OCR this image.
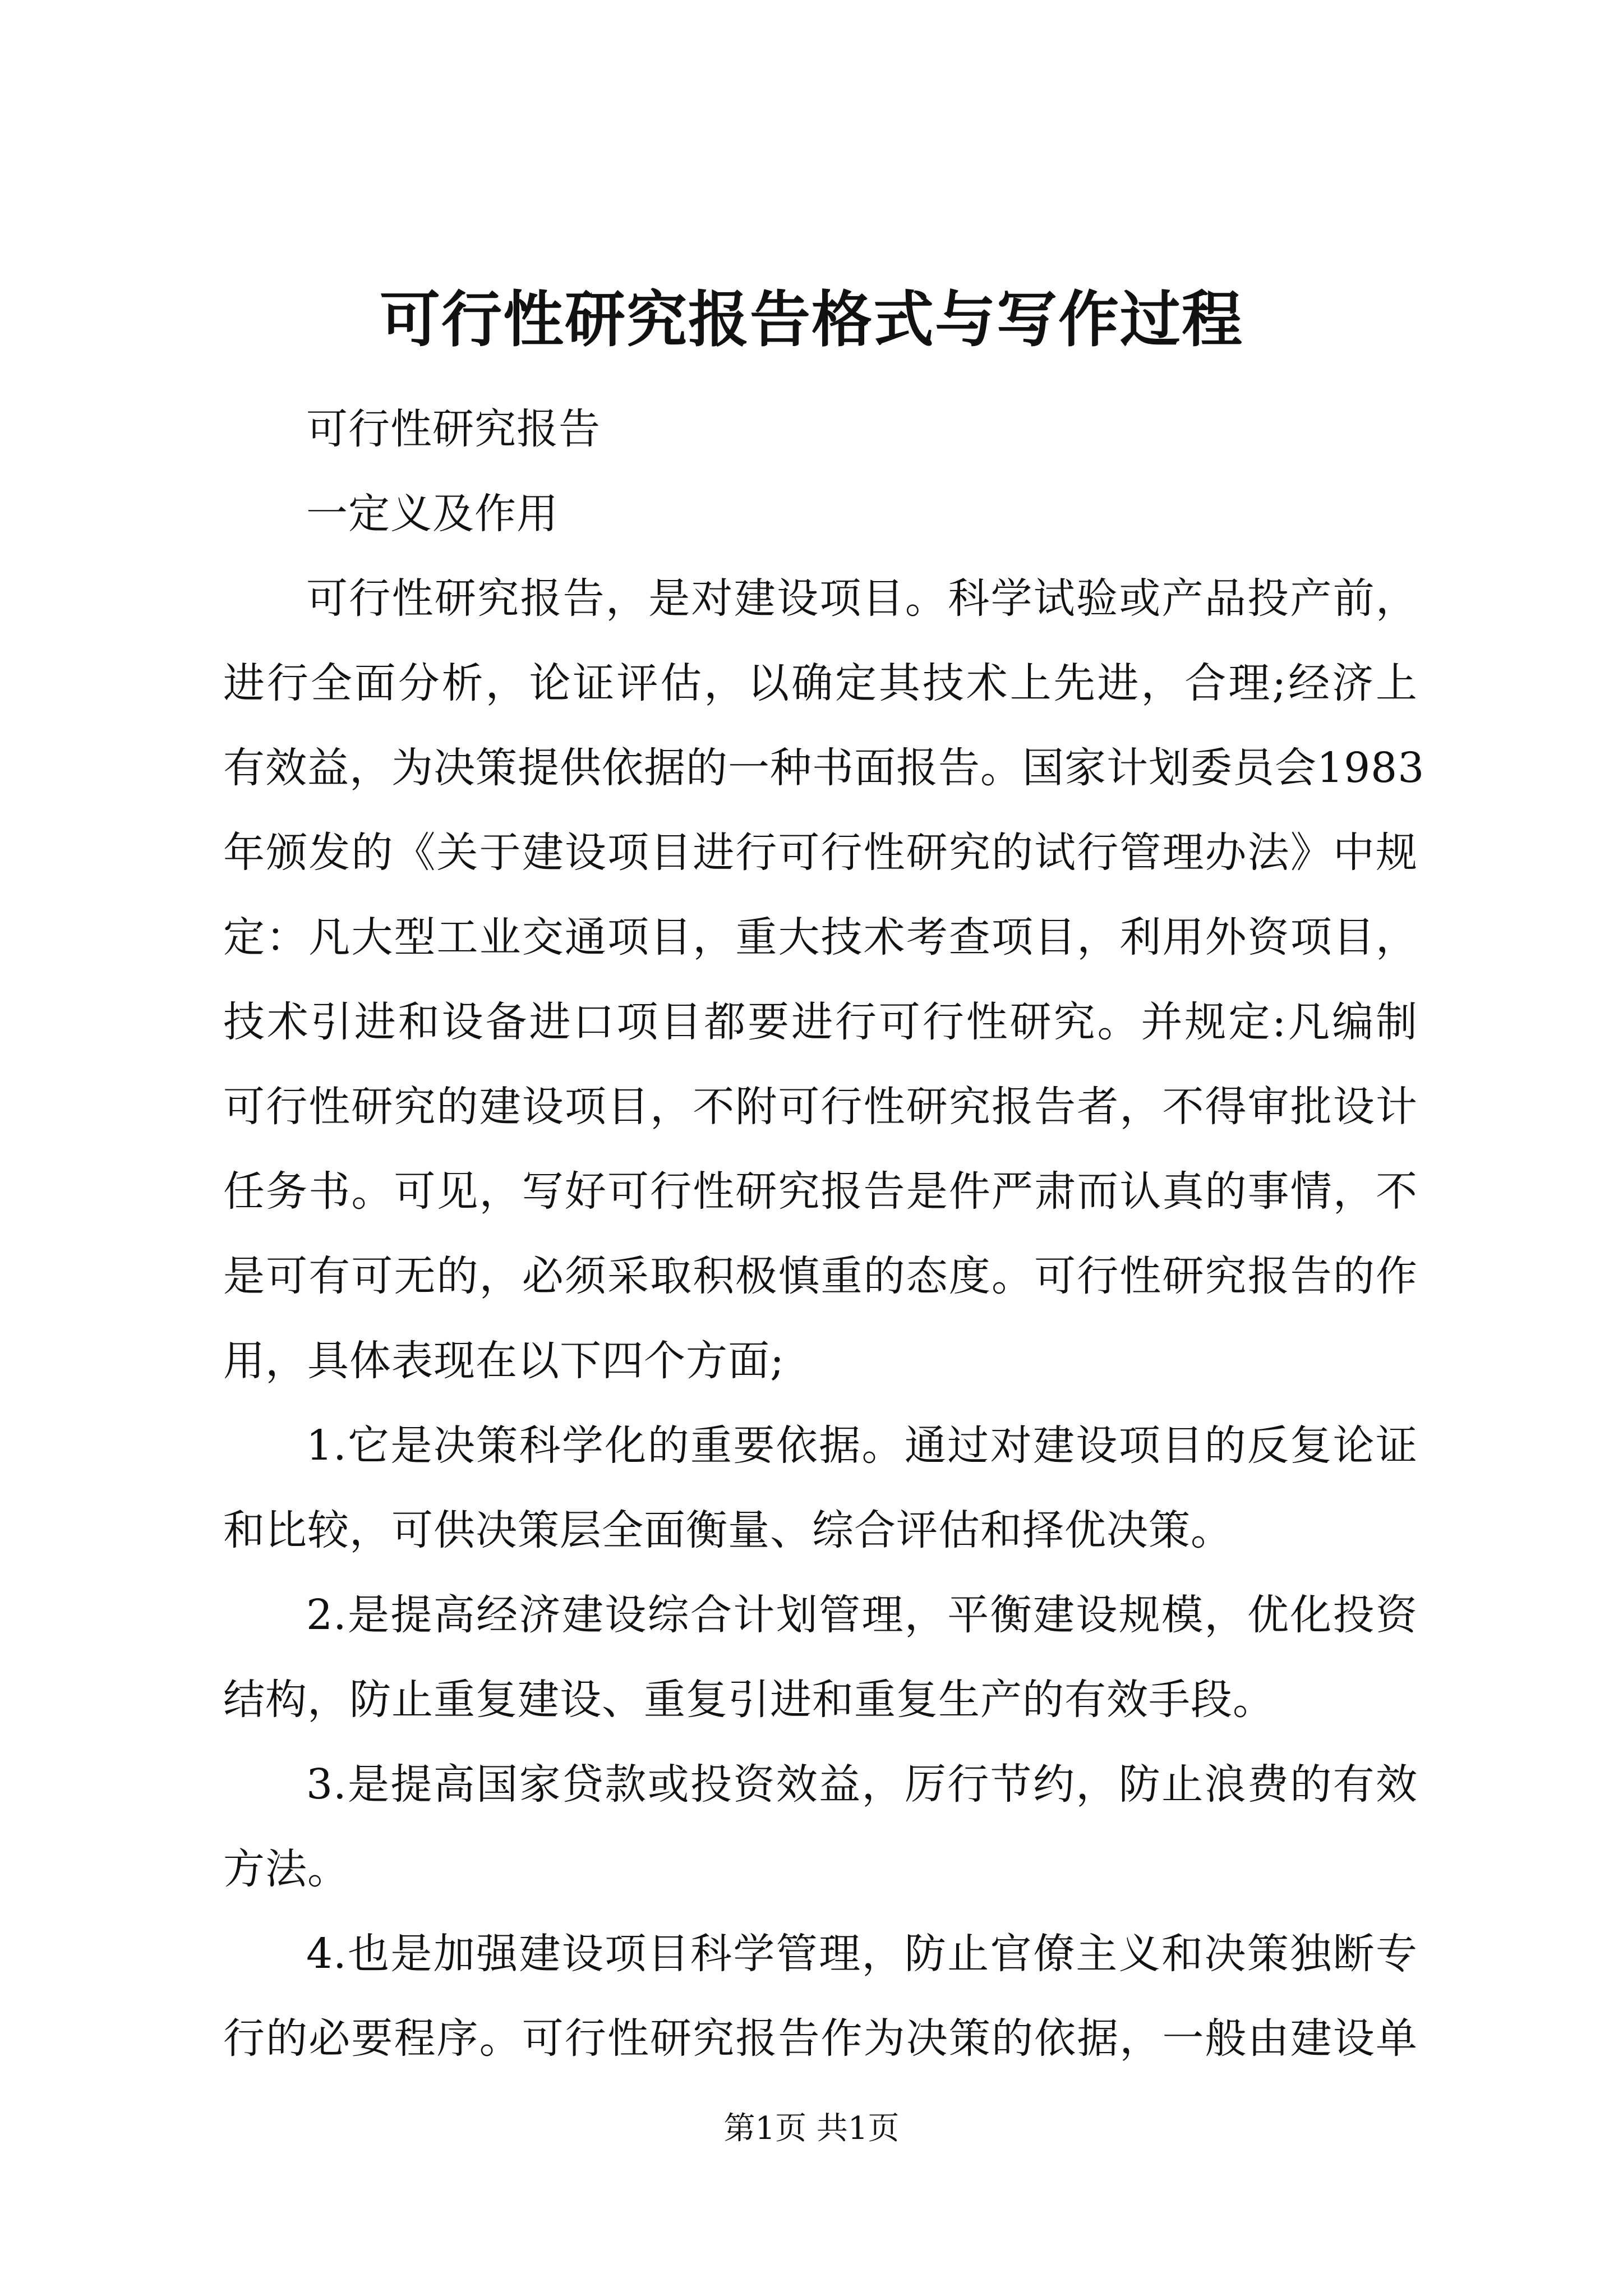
可行性研究报告格式与写作过程
可行性研究报告
一定义及作用
可行性研究报告，是对建设项目。科学试验或产品投产前，
进行全面分析，论证评估，以确定其技术上先进，合理;经济上
有效益，为决策提供依据的一种书面报告。国家计划委员会1983
年颁发的《关于建设项目进行可行性研究的试行管理办法》中规
定：凡大型工业交通项目，重大技术考查项目，利用外资项目，
技术引进和设备进口项目都要进行可行性研究。并规定:凡编制
可行性研究的建设项目，不附可行性研究报告者，不得审批设计
任务书。可见，写好可行性研究报告是件严肃而认真的事情，不
是可有可无的，必须采取积极慎重的态度。可行性研究报告的作
用，具体表现在以下四个方面;
1.它是决策科学化的重要依据。通过对建设项目的反复论证
和比较，可供决策层全面衡量、综合评估和择优决策。
2.是提高经济建设综合计划管理，平衡建设规模，优化投资
结构，防止重复建设、重复引进和重复生产的有效手段。
3.是提高国家贷款或投资效益，厉行节约，防止浪费的有效
方法。
4.也是加强建设项目科学管理，防止官僚主义和决策独断专
行的必要程序。可行性研究报告作为决策的依据，一般由建设单
第1页 共1页
